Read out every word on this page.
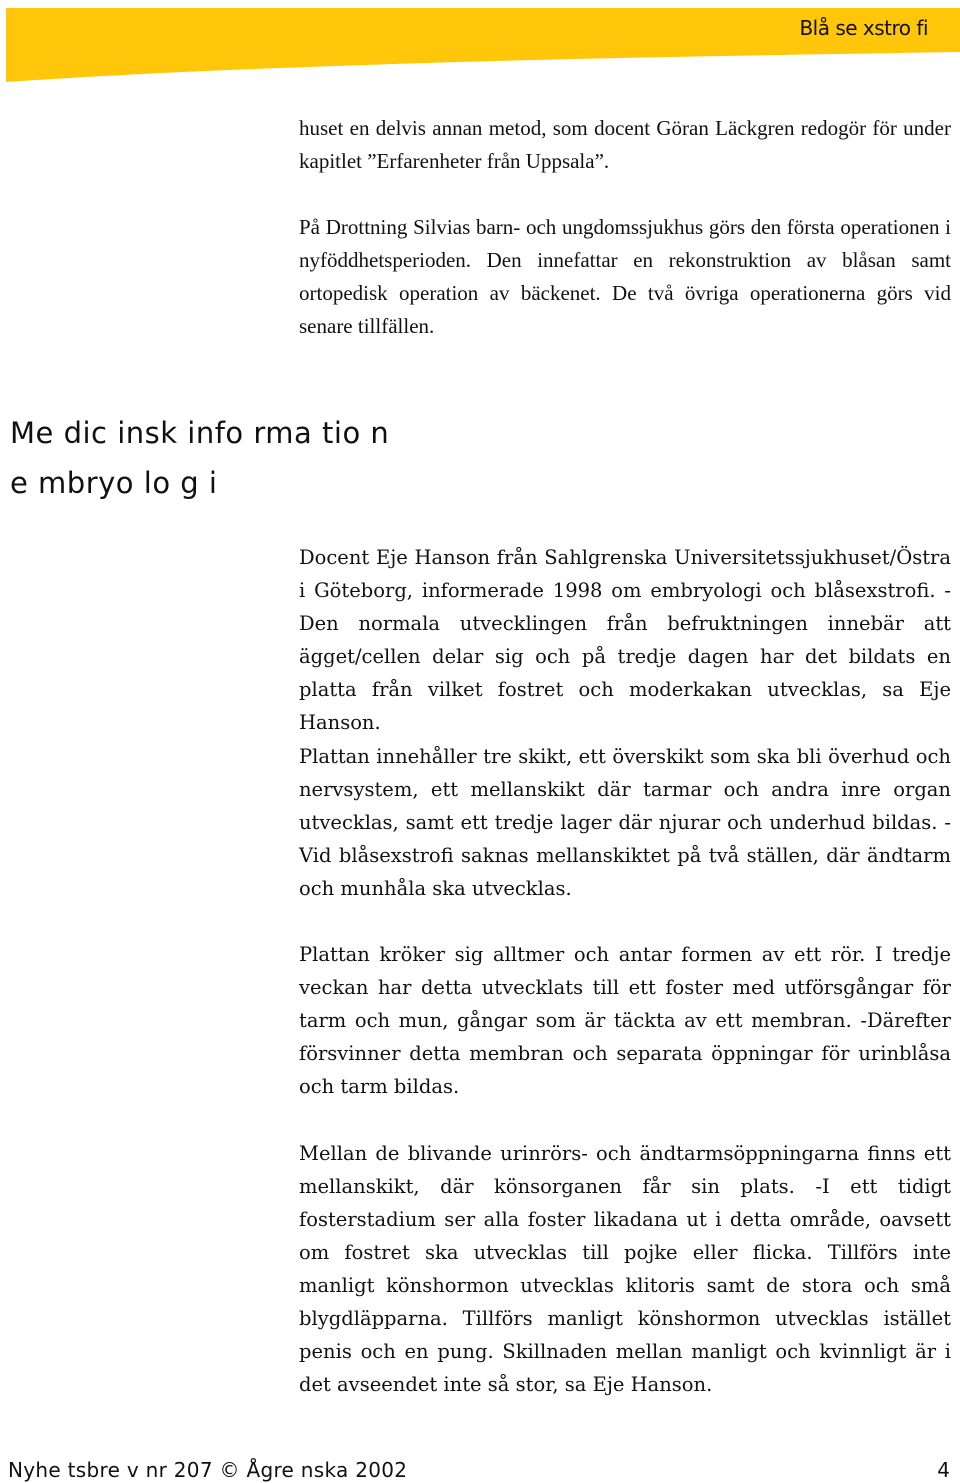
Blå se xstro fi

huset en delvis annan metod, som docent Göran Läckgren redogör för under kapitlet ”Erfarenheter från Uppsala”.

På Drottning Silvias barn- och ungdomssjukhus görs den första operationen i nyföddhetsperioden. Den innefattar en rekonstruktion av blåsan samt ortopedisk operation av bäckenet. De två övriga operationerna görs vid senare tillfällen.

Me dic insk info rma tio n
e mbryo lo g i

Docent Eje Hanson från Sahlgrenska Universitetssjukhuset/Östra i Göteborg, informerade 1998 om embryologi och blåsexstrofi. -Den normala utvecklingen från befruktningen innebär att ägget/cellen delar sig och på tredje dagen har det bildats en platta från vilket fostret och moderkakan utvecklas, sa Eje Hanson.

Plattan innehåller tre skikt, ett överskikt som ska bli överhud och nervsystem, ett mellanskikt där tarmar och andra inre organ utvecklas, samt ett tredje lager där njurar och underhud bildas. -Vid blåsexstrofi saknas mellanskiktet på två ställen, där ändtarm och munhåla ska utvecklas.

Plattan kröker sig alltmer och antar formen av ett rör. I tredje veckan har detta utvecklats till ett foster med utförsgångar för tarm och mun, gångar som är täckta av ett membran. -Därefter försvinner detta membran och separata öppningar för urinblåsa och tarm bildas.

Mellan de blivande urinrörs- och ändtarmsöppningarna finns ett mellanskikt, där könsorganen får sin plats. -I ett tidigt fosterstadium ser alla foster likadana ut i detta område, oavsett om fostret ska utvecklas till pojke eller flicka. Tillförs inte manligt könshormon utvecklas klitoris samt de stora och små blygdläpparna. Tillförs manligt könshormon utvecklas istället penis och en pung. Skillnaden mellan manligt och kvinnligt är i det avseendet inte så stor, sa Eje Hanson.

Nyhe tsbre v nr 207 © Ågre nska 2002	4
